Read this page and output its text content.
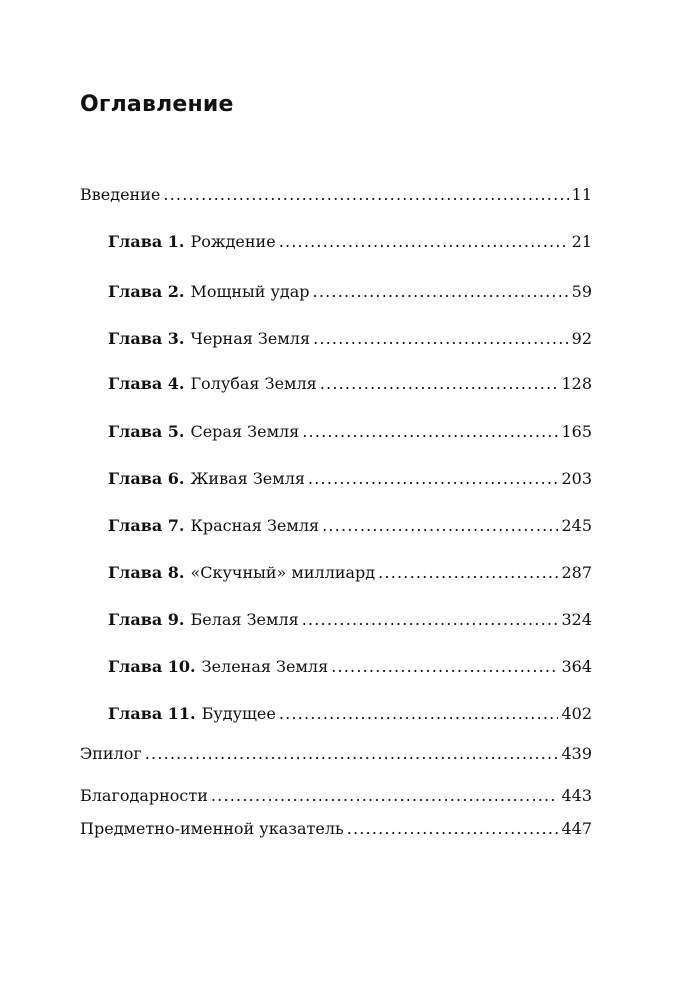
Оглавление
Введение .....	11
Глава 1. Рождение .....	21
Глава 2. Мощный удар .....	59
Глава 3. Черная Земля .....	92
Глава 4. Голубая Земля .....	128
Глава 5. Серая Земля .....	165
Глава 6. Живая Земля .....	203
Глава 7. Красная Земля .....	245
Глава 8. «Скучный» миллиард .....	287
Глава 9. Белая Земля .....	324
Глава 10. Зеленая Земля .....	364
Глава 11. Будущее .....	402
Эпилог .....	439
Благодарности .....	443
Предметно-именной указатель .....	447
